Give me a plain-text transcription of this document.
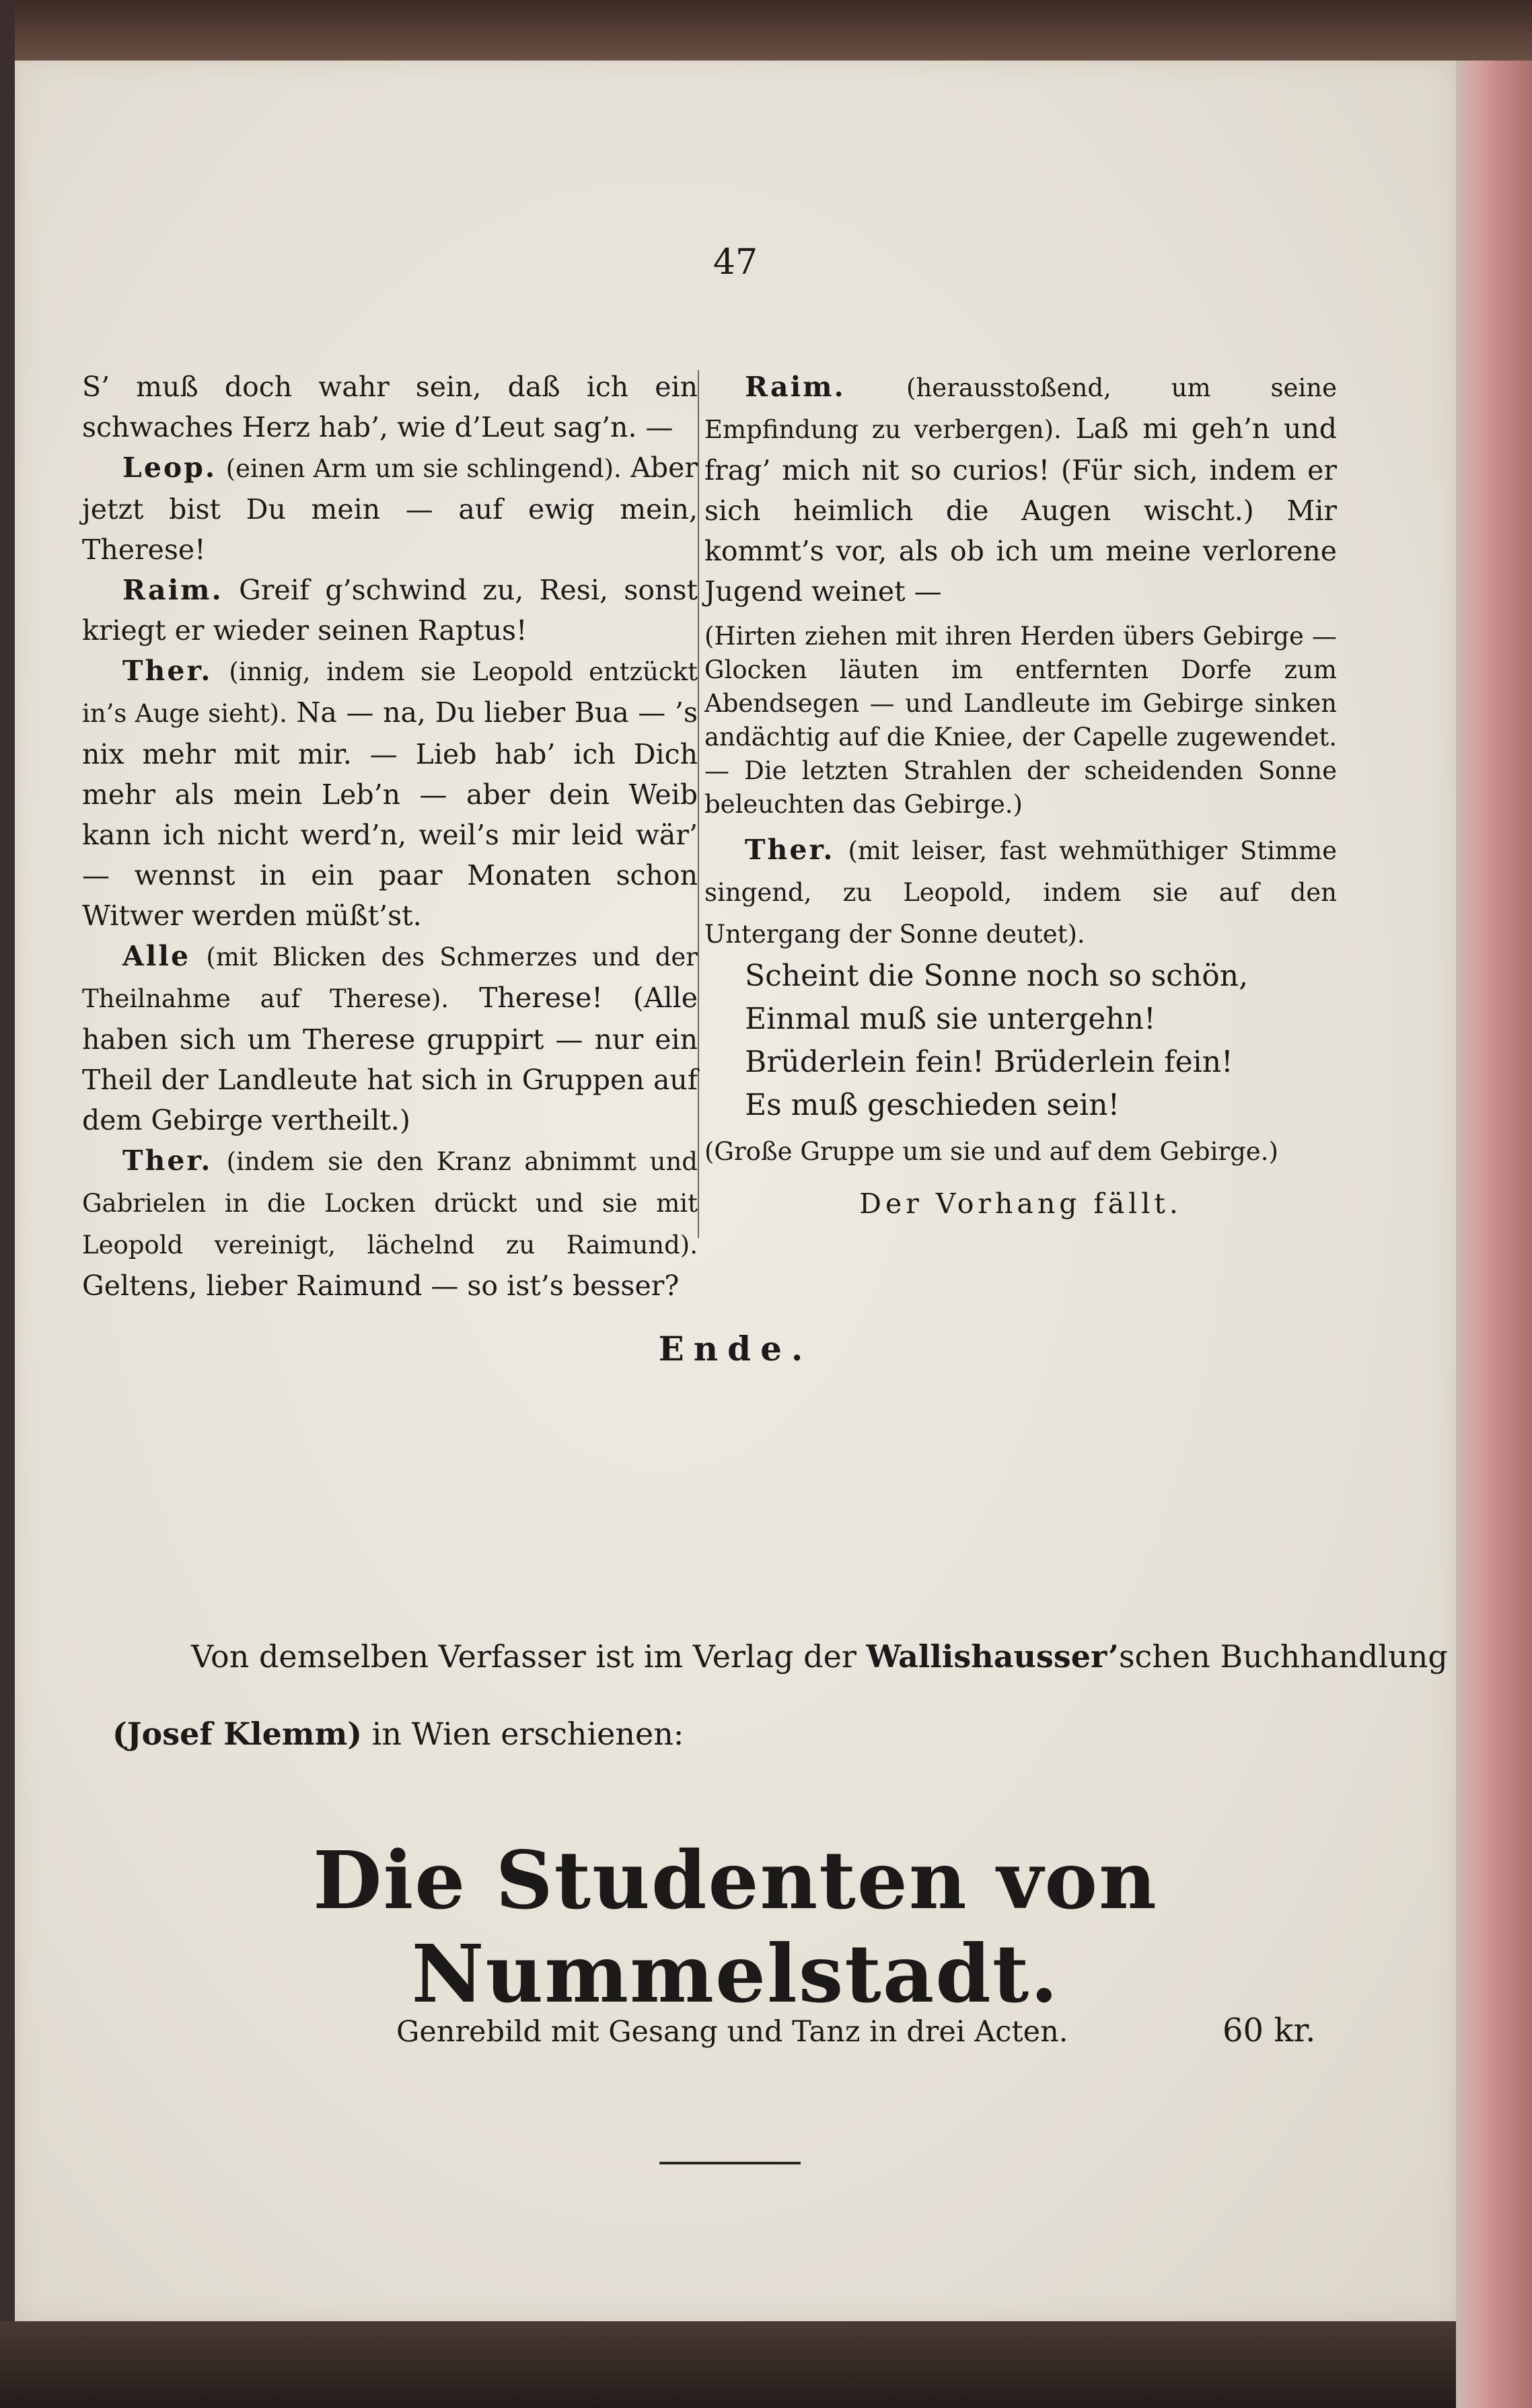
47

S’ muß doch wahr sein, daß ich ein schwaches Herz hab’, wie d’Leut sag’n. —

Leop. (einen Arm um sie schlingend). Aber jetzt bist Du mein — auf ewig mein, Therese!

Raim. Greif g’schwind zu, Resi, sonst kriegt er wieder seinen Raptus!

Ther. (innig, indem sie Leopold entzückt in’s Auge sieht). Na — na, Du lieber Bua — ’s nix mehr mit mir. — Lieb hab’ ich Dich mehr als mein Leb’n — aber dein Weib kann ich nicht werd’n, weil’s mir leid wär’ — wennst in ein paar Monaten schon Witwer werden müßt’st.

Alle (mit Blicken des Schmerzes und der Theilnahme auf Therese). Therese! (Alle haben sich um Therese gruppirt — nur ein Theil der Landleute hat sich in Gruppen auf dem Gebirge vertheilt.)

Ther. (indem sie den Kranz abnimmt und Gabrielen in die Locken drückt und sie mit Leopold vereinigt, lächelnd zu Raimund). Geltens, lieber Raimund — so ist’s besser?

Raim. (herausstoßend, um seine Empfindung zu verbergen). Laß mi geh’n und frag’ mich nit so curios! (Für sich, indem er sich heimlich die Augen wischt.) Mir kommt’s vor, als ob ich um meine verlorene Jugend weinet —

(Hirten ziehen mit ihren Herden übers Gebirge — Glocken läuten im entfernten Dorfe zum Abendsegen — und Landleute im Gebirge sinken andächtig auf die Kniee, der Capelle zugewendet. — Die letzten Strahlen der scheidenden Sonne beleuchten das Gebirge.)

Ther. (mit leiser, fast wehmüthiger Stimme singend, zu Leopold, indem sie auf den Untergang der Sonne deutet).

Scheint die Sonne noch so schön,
Einmal muß sie untergehn!
Brüderlein fein! Brüderlein fein!
Es muß geschieden sein!

(Große Gruppe um sie und auf dem Gebirge.)

Der Vorhang fällt.

Ende.
Von demselben Verfasser ist im Verlag der Wallishausser’schen Buchhandlung
(Josef Klemm) in Wien erschienen:
Die Studenten von Nummelstadt.
Genrebild mit Gesang und Tanz in drei Acten.	60 kr.
